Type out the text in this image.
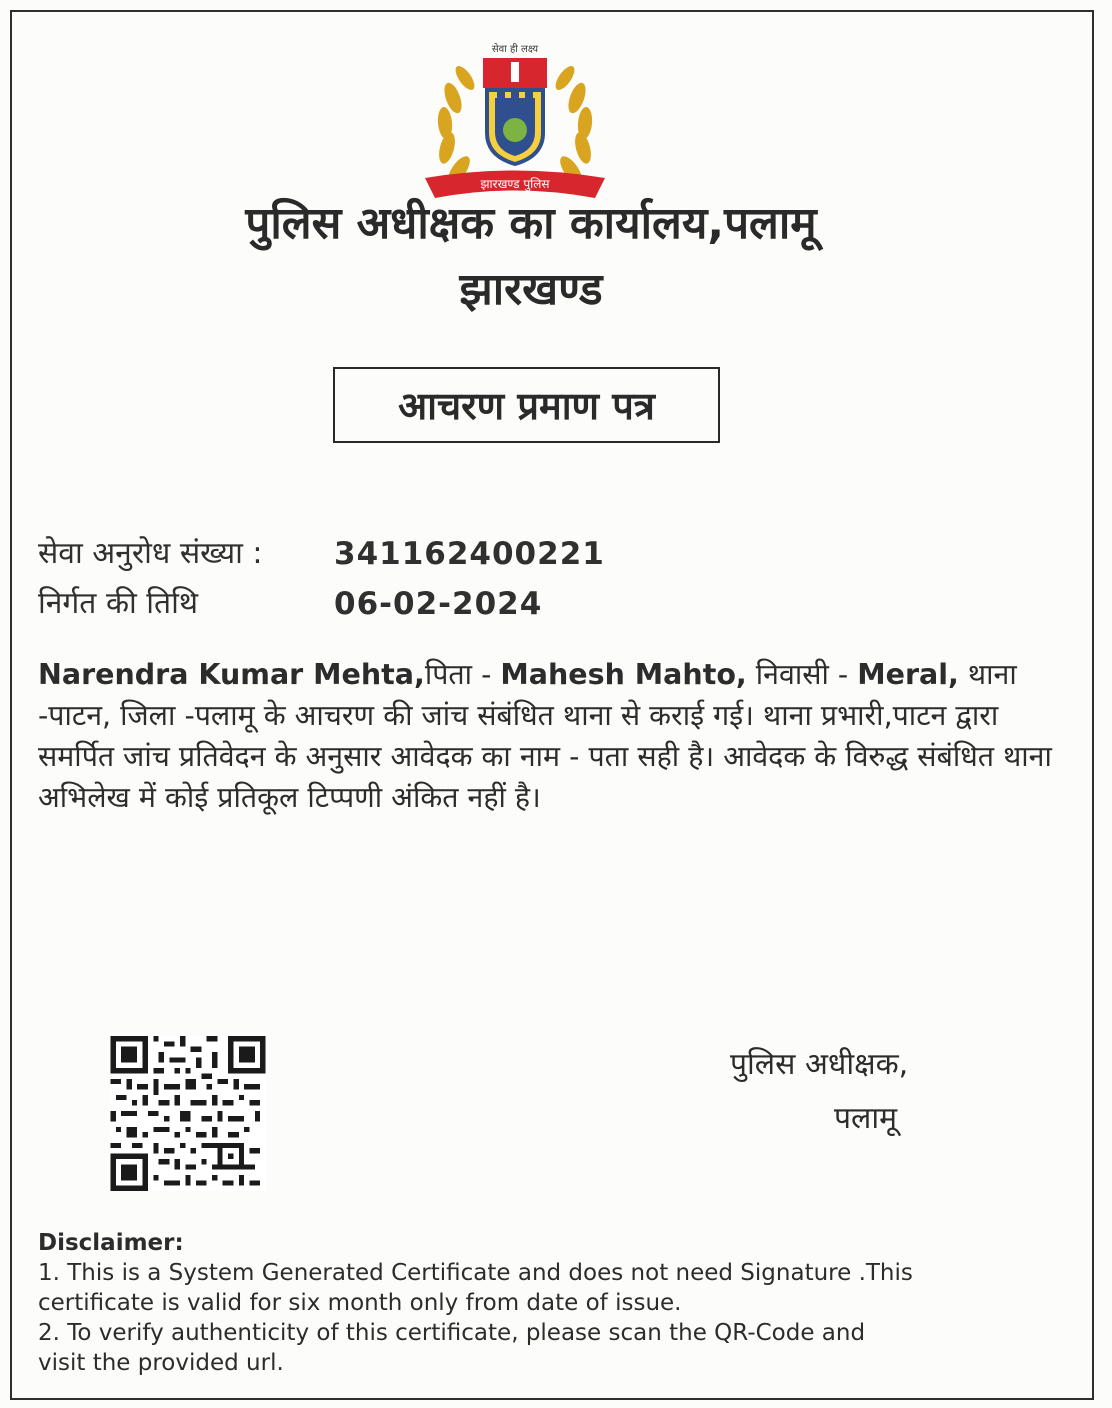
सेवा ही लक्ष्य
झारखण्ड पुलिस
पुलिस अधीक्षक का कार्यालय,पलामू
झारखण्ड
आचरण प्रमाण पत्र
सेवा अनुरोध संख्या : 341162400221
निर्गत की तिथि	06-02-2024
Narendra Kumar Mehta,पिता - Mahesh Mahto, निवासी - Meral, थाना -पाटन, जिला -पलामू के आचरण की जांच संबंधित थाना से कराई गई। थाना प्रभारी,पाटन द्वारा समर्पित जांच प्रतिवेदन के अनुसार आवेदक का नाम - पता सही है। आवेदक के विरुद्ध संबंधित थाना अभिलेख में कोई प्रतिकूल टिप्पणी अंकित नहीं है।
पुलिस अधीक्षक,
पलामू
Disclaimer:
1. This is a System Generated Certificate and does not need Signature .This
certificate is valid for six month only from date of issue.
2. To verify authenticity of this certificate, please scan the QR-Code and
visit the provided url.
